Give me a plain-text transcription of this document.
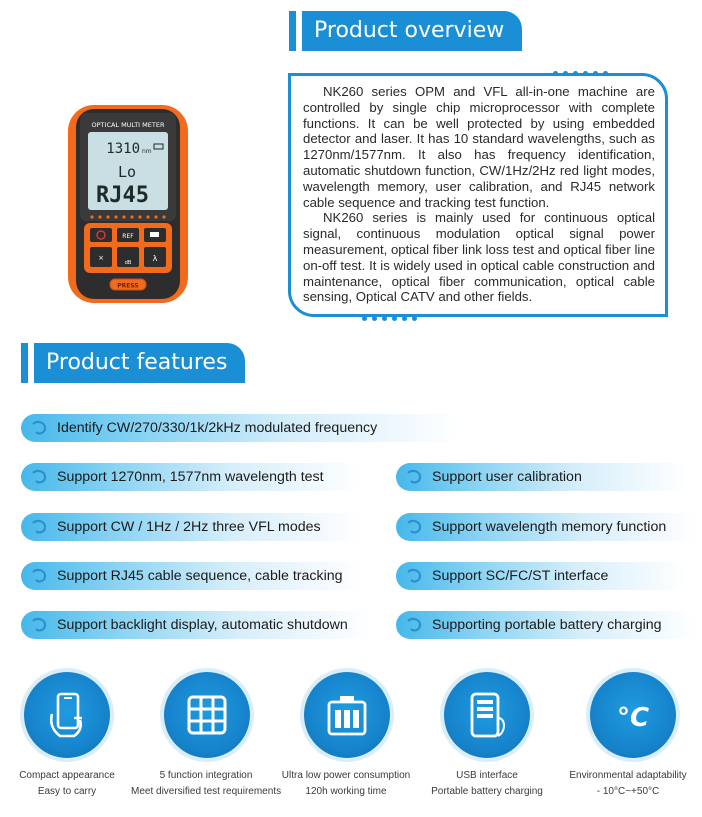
Product overview
OPTICAL MULTI METER
1310 nm
Lo
RJ45
REF
×
dB	λ
PRESS

NK260 series OPM and VFL all-in-one machine are controlled by single chip microprocessor with complete functions. It can be well protected by using embedded detector and laser. It has 10 standard wavelengths, such as 1270nm/1577nm. It also has frequency identification, automatic shutdown function, CW/1Hz/2Hz red light modes, wavelength memory, user calibration, and RJ45 network cable sequence and tracking test function.

NK260 series is mainly used for continuous optical signal, continuous modulation optical signal power measurement, optical fiber link loss test and optical fiber line on-off test. It is widely used in optical cable construction and maintenance, optical fiber communication, optical cable sensing, Optical CATV and other fields.

Product features
Identify CW/270/330/1k/2kHz modulated frequency
Support 1270nm, 1577nm wavelength test	Support user calibration
Support CW / 1Hz / 2Hz three VFL modes	Support wavelength memory function
Support RJ45 cable sequence, cable tracking	Support SC/FC/ST interface
Support backlight display, automatic shutdown	Supporting portable battery charging
°C
Compact appearance
Easy to carry
5 function integration
Meet diversified test requirements
Ultra low power consumption
120h working time
USB interface
Portable battery charging
Environmental adaptability
- 10°C~+50°C
